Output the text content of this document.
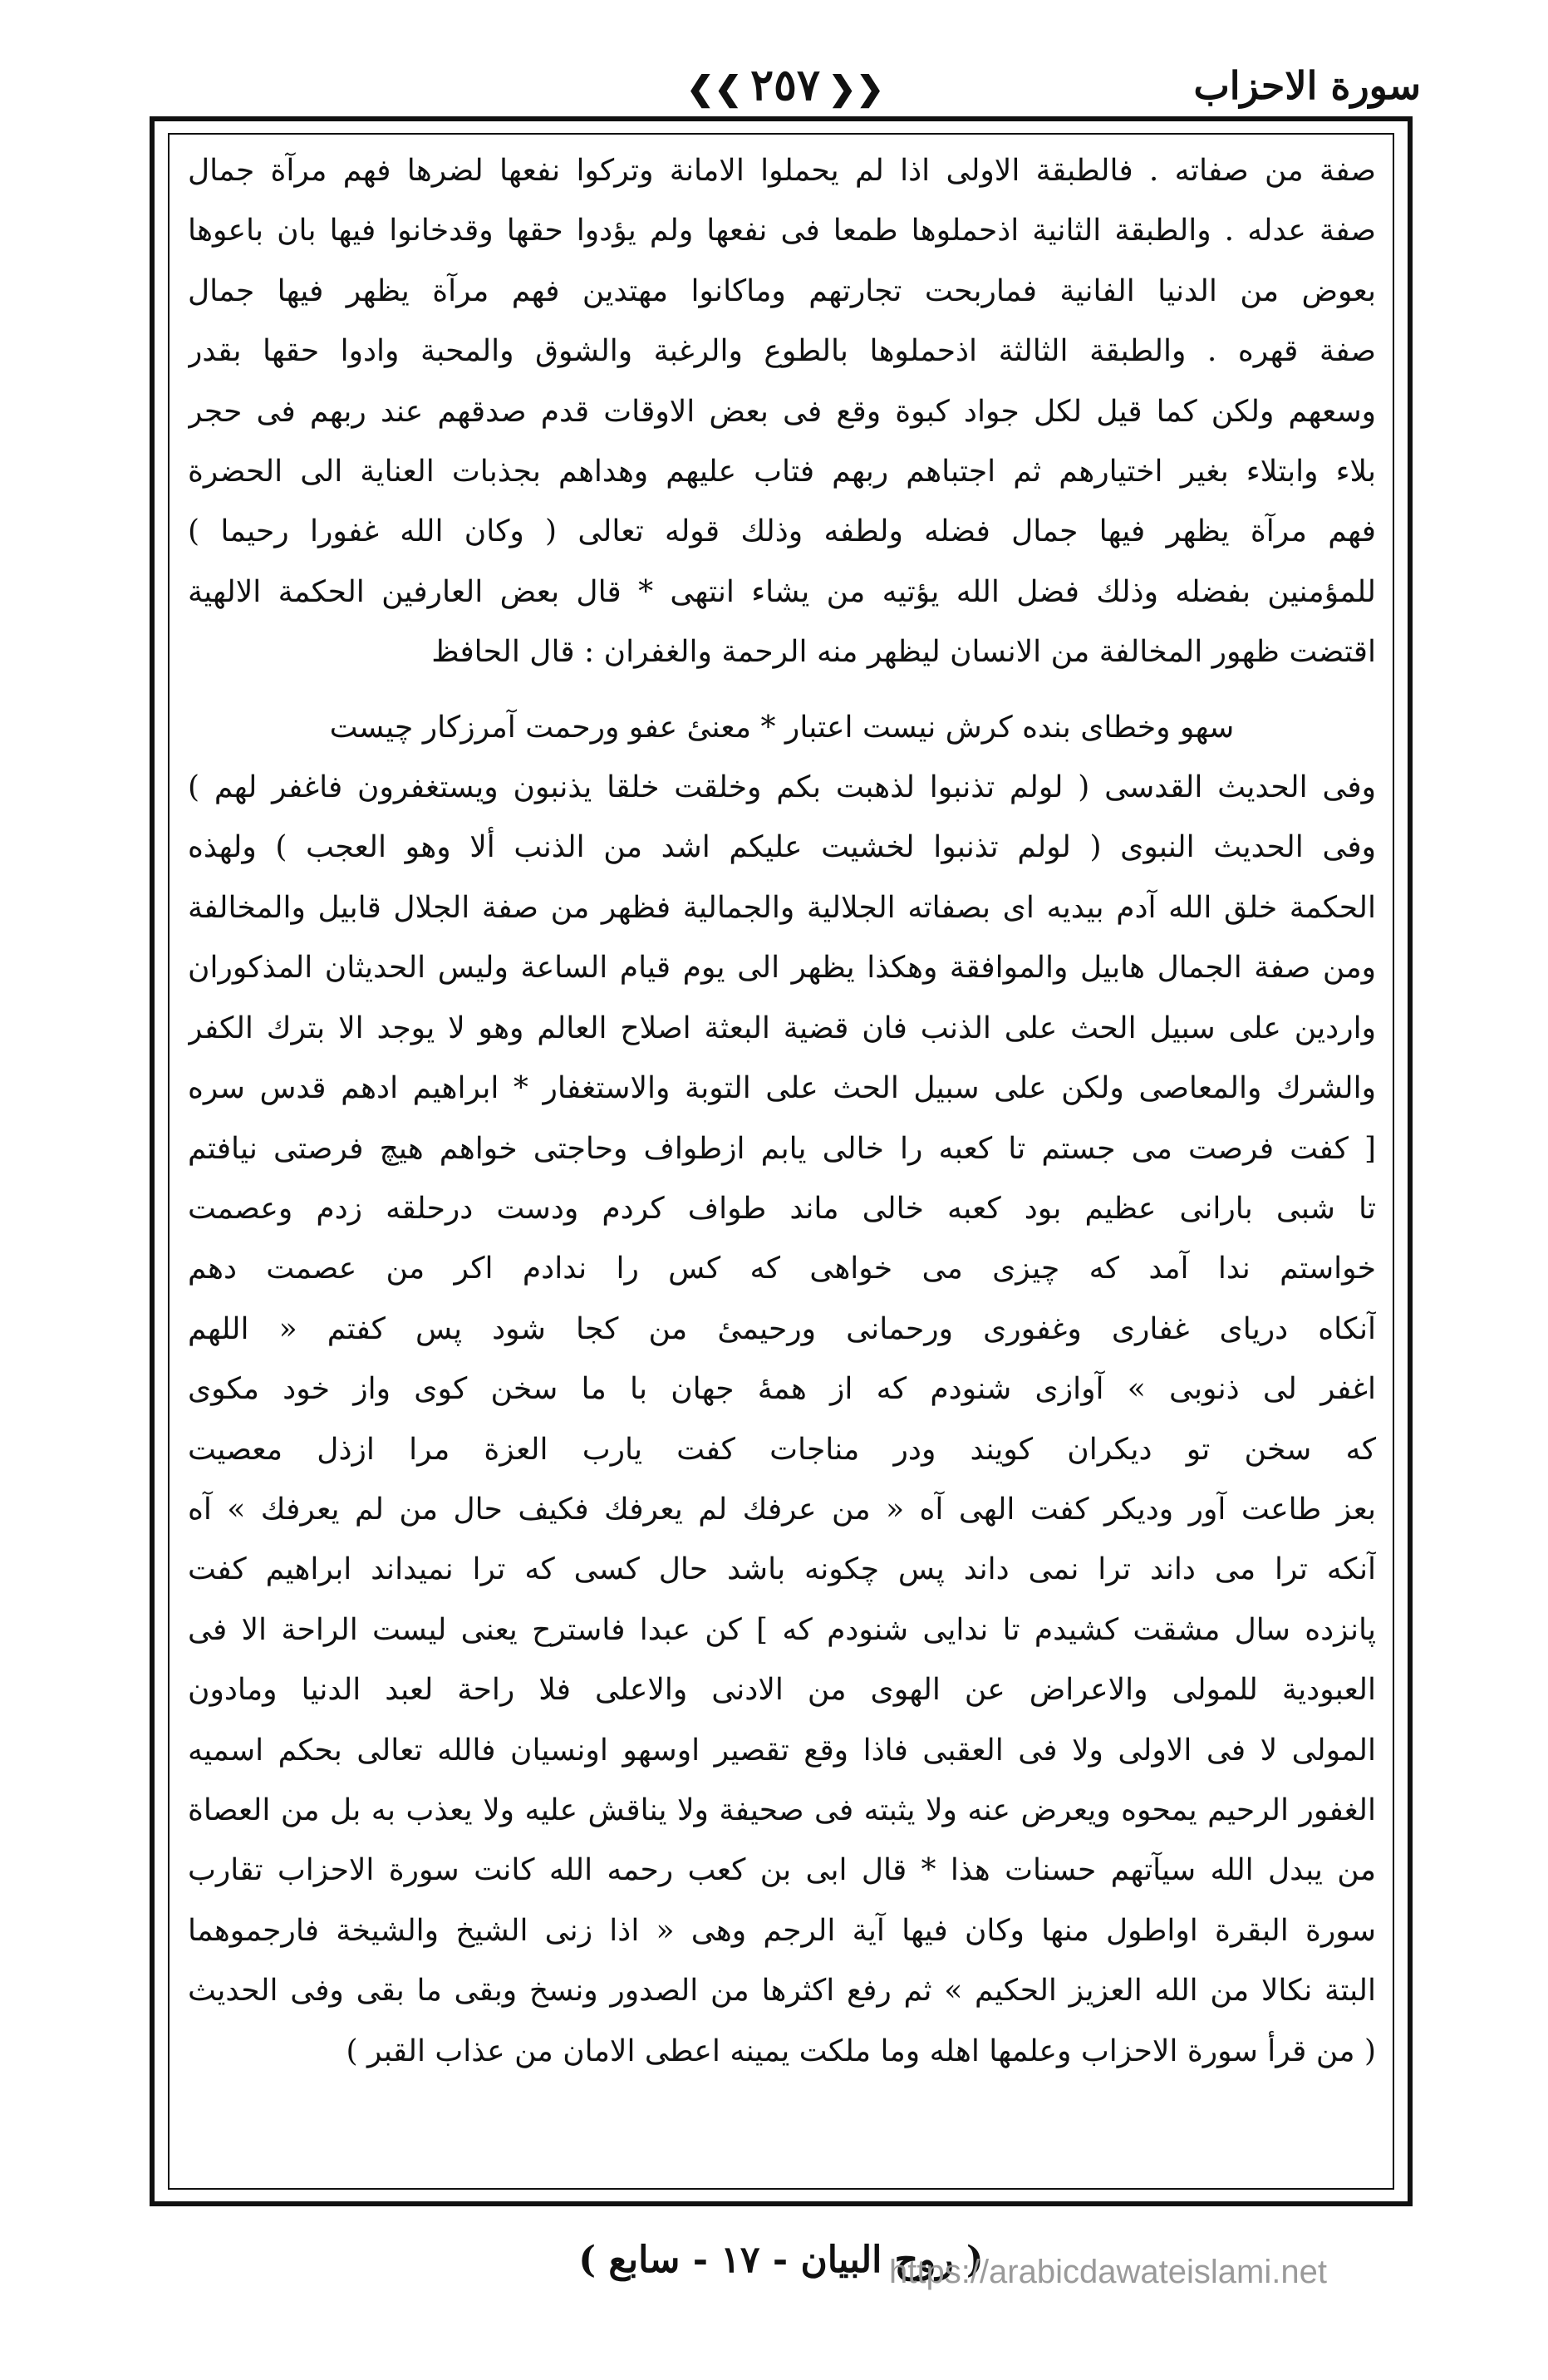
❮❮٢٥٧❯❯	سورة الاحزاب
صفة من صفاته . فالطبقة الاولى اذا لم يحملوا الامانة وتركوا نفعها لضرها فهم مرآة جمال
صفة عدله . والطبقة الثانية اذحملوها طمعا فى نفعها ولم يؤدوا حقها وقدخانوا فيها بان باعوها
بعوض من الدنيا الفانية فماربحت تجارتهم وماكانوا مهتدين فهم مرآة يظهر فيها جمال
صفة قهره . والطبقة الثالثة اذحملوها بالطوع والرغبة والشوق والمحبة وادوا حقها بقدر
وسعهم ولكن كما قيل لكل جواد كبوة وقع فى بعض الاوقات قدم صدقهم عند ربهم فى حجر
بلاء وابتلاء بغير اختيارهم ثم اجتباهم ربهم فتاب عليهم وهداهم بجذبات العناية الى الحضرة
فهم مرآة يظهر فيها جمال فضله ولطفه وذلك قوله تعالى ( وكان الله غفورا رحيما )
للمؤمنين بفضله وذلك فضل الله يؤتيه من يشاء انتهى * قال بعض العارفين الحكمة الالهية
اقتضت ظهور المخالفة من الانسان ليظهر منه الرحمة والغفران : قال الحافظ
سهو وخطاى بنده كرش نيست اعتبار * معنىٔ عفو ورحمت آمرزكار چيست
وفى الحديث القدسى ( لولم تذنبوا لذهبت بكم وخلقت خلقا يذنبون ويستغفرون فاغفر لهم )
وفى الحديث النبوى ( لولم تذنبوا لخشيت عليكم اشد من الذنب ألا وهو العجب ) ولهذه
الحكمة خلق الله آدم بيديه اى بصفاته الجلالية والجمالية فظهر من صفة الجلال قابيل والمخالفة
ومن صفة الجمال هابيل والموافقة وهكذا يظهر الى يوم قيام الساعة وليس الحديثان المذكوران
واردين على سبيل الحث على الذنب فان قضية البعثة اصلاح العالم وهو لا يوجد الا بترك الكفر
والشرك والمعاصى ولكن على سبيل الحث على التوبة والاستغفار * ابراهيم ادهم قدس سره
[ كفت فرصت مى جستم تا كعبه را خالى يابم ازطواف وحاجتى خواهم هيچ فرصتى نيافتم
تا شبى بارانى عظيم بود كعبه خالى ماند طواف كردم ودست درحلقه زدم وعصمت
خواستم ندا آمد كه چيزى مى خواهى كه كس را ندادم اكر من عصمت دهم
آنكاه درياى غفارى وغفورى ورحمانى ورحيمىٔ من كجا شود پس كفتم « اللهم
اغفر لى ذنوبى » آوازى شنودم كه از همهٔ جهان با ما سخن كوى واز خود مكوى
كه سخن تو ديكران كويند ودر مناجات كفت يارب العزة مرا ازذل معصيت
بعز طاعت آور وديكر كفت الهى آه « من عرفك لم يعرفك فكيف حال من لم يعرفك » آه
آنكه ترا مى داند ترا نمى داند پس چكونه باشد حال كسى كه ترا نميداند ابراهيم كفت
پانزده سال مشقت كشيدم تا ندايى شنودم كه ] كن عبدا فاسترح يعنى ليست الراحة الا فى
العبودية للمولى والاعراض عن الهوى من الادنى والاعلى فلا راحة لعبد الدنيا ومادون
المولى لا فى الاولى ولا فى العقبى فاذا وقع تقصير اوسهو اونسيان فالله تعالى بحكم اسميه
الغفور الرحيم يمحوه ويعرض عنه ولا يثبته فى صحيفة ولا يناقش عليه ولا يعذب به بل من العصاة
من يبدل الله سيآتهم حسنات هذا * قال ابى بن كعب رحمه الله كانت سورة الاحزاب تقارب
سورة البقرة اواطول منها وكان فيها آية الرجم وهى « اذا زنى الشيخ والشيخة فارجموهما
البتة نكالا من الله العزيز الحكيم » ثم رفع اكثرها من الصدور ونسخ وبقى ما بقى وفى الحديث
( من قرأ سورة الاحزاب وعلمها اهله وما ملكت يمينه اعطى الامان من عذاب القبر )
( روح البيان - ١٧ - سابع )
https://arabicdawateislami.net
